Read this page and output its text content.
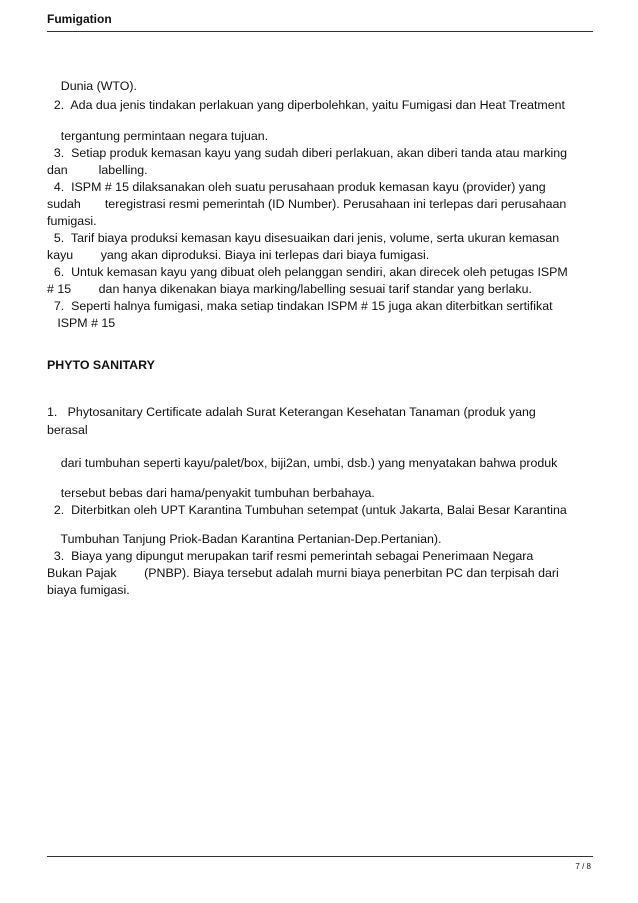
Fumigation
Dunia (WTO).
2.  Ada dua jenis tindakan perlakuan yang diperbolehkan, yaitu Fumigasi dan Heat Treatment
tergantung permintaan negara tujuan.
3.  Setiap produk kemasan kayu yang sudah diberi perlakuan, akan diberi tanda atau marking
dan         labelling.
4.  ISPM # 15 dilaksanakan oleh suatu perusahaan produk kemasan kayu (provider) yang
sudah       teregistrasi resmi pemerintah (ID Number). Perusahaan ini terlepas dari perusahaan
fumigasi.
5.  Tarif biaya produksi kemasan kayu disesuaikan dari jenis, volume, serta ukuran kemasan
kayu        yang akan diproduksi. Biaya ini terlepas dari biaya fumigasi.
6.  Untuk kemasan kayu yang dibuat oleh pelanggan sendiri, akan direcek oleh petugas ISPM
# 15        dan hanya dikenakan biaya marking/labelling sesuai tarif standar yang berlaku.
7.  Seperti halnya fumigasi, maka setiap tindakan ISPM # 15 juga akan diterbitkan sertifikat
ISPM # 15
PHYTO SANITARY
1.   Phytosanitary Certificate adalah Surat Keterangan Kesehatan Tanaman (produk yang
berasal
dari tumbuhan seperti kayu/palet/box, biji2an, umbi, dsb.) yang menyatakan bahwa produk
tersebut bebas dari hama/penyakit tumbuhan berbahaya.
2.  Diterbitkan oleh UPT Karantina Tumbuhan setempat (untuk Jakarta, Balai Besar Karantina
Tumbuhan Tanjung Priok-Badan Karantina Pertanian-Dep.Pertanian).
3.  Biaya yang dipungut merupakan tarif resmi pemerintah sebagai Penerimaan Negara
Bukan Pajak        (PNBP). Biaya tersebut adalah murni biaya penerbitan PC dan terpisah dari
biaya fumigasi.
7 / 8
